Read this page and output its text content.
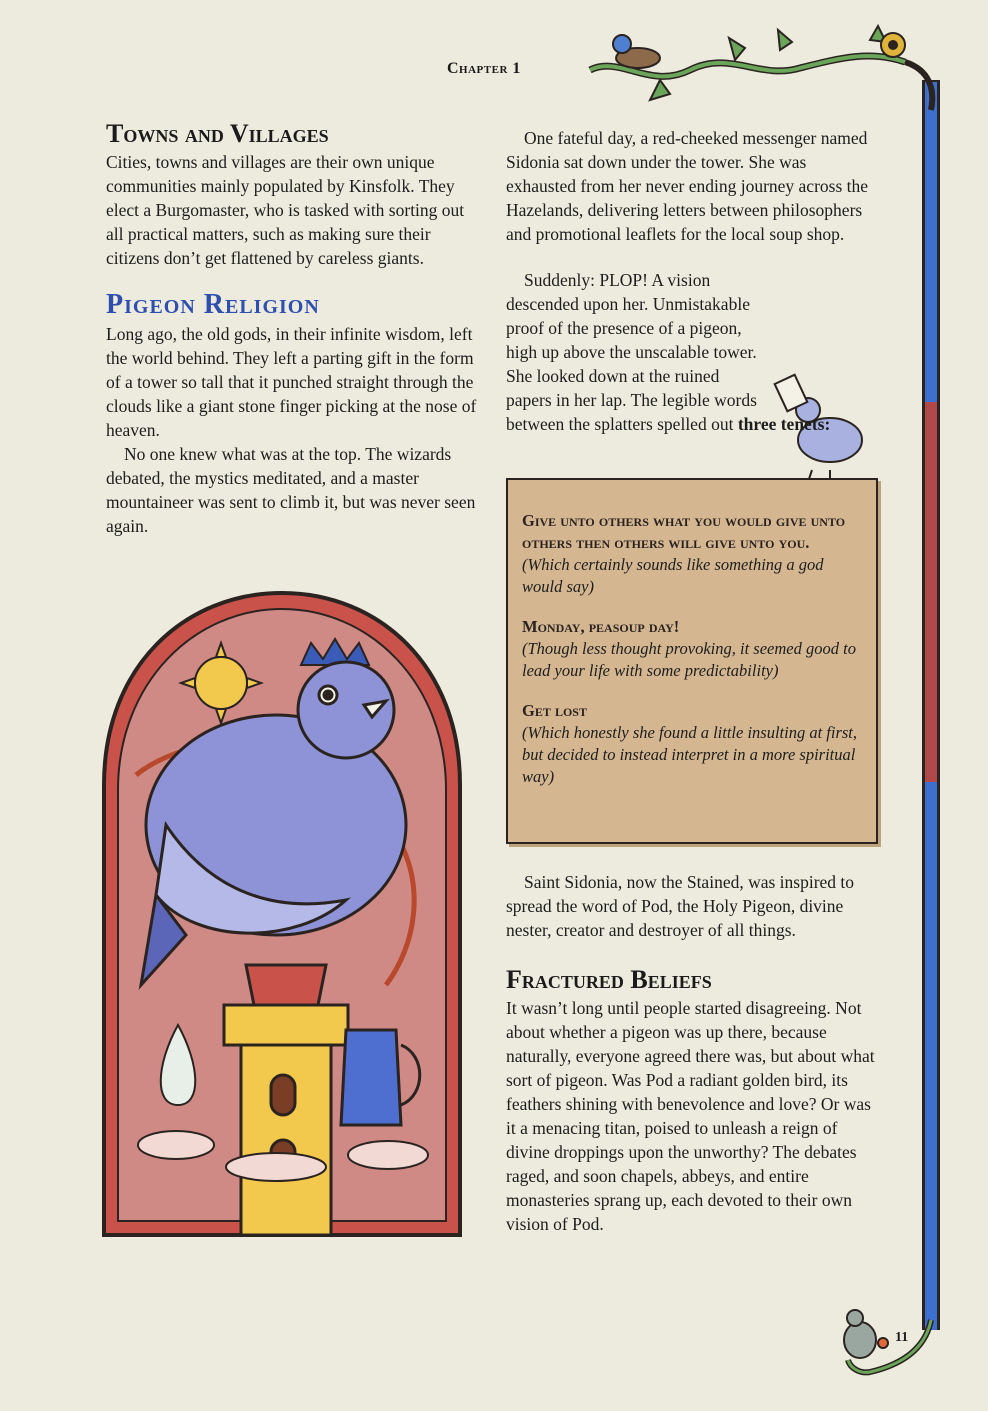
Chapter 1
Towns and Villages

Cities, towns and villages are their own unique communities mainly populated by Kinsfolk. They elect a Burgomaster, who is tasked with sorting out all practical matters, such as making sure their citizens don’t get flattened by careless giants.

Pigeon Religion

Long ago, the old gods, in their infinite wisdom, left the world behind. They left a parting gift in the form of a tower so tall that it punched straight through the clouds like a giant stone finger picking at the nose of heaven.

No one knew what was at the top. The wizards debated, the mystics meditated, and a master mountaineer was sent to climb it, but was never seen again.

One fateful day, a red-cheeked messenger named Sidonia sat down under the tower. She was exhausted from her never ending journey across the Hazelands, delivering letters between philosophers and promotional leaflets for the local soup shop.

Suddenly: PLOP! A vision descended upon her. Unmistakable proof of the presence of a pigeon, high up above the unscalable tower. She looked down at the ruined papers in her lap. The legible words between the splatters spelled out three tenets:

Give unto others what you would give unto others then others will give unto you.
(Which certainly sounds like something a god would say)
Monday, peasoup day!
(Though less thought provoking, it seemed good to lead your life with some predictability)
Get lost
(Which honestly she found a little insulting at first, but decided to instead interpret in a more spiritual way)

Saint Sidonia, now the Stained, was inspired to spread the word of Pod, the Holy Pigeon, divine nester, creator and destroyer of all things.

Fractured Beliefs

It wasn’t long until people started disagreeing. Not about whether a pigeon was up there, because naturally, everyone agreed there was, but about what sort of pigeon. Was Pod a radiant golden bird, its feathers shining with benevolence and love? Or was it a menacing titan, poised to unleash a reign of divine droppings upon the unworthy? The debates raged, and soon chapels, abbeys, and entire monasteries sprang up, each devoted to their own vision of Pod.

11
